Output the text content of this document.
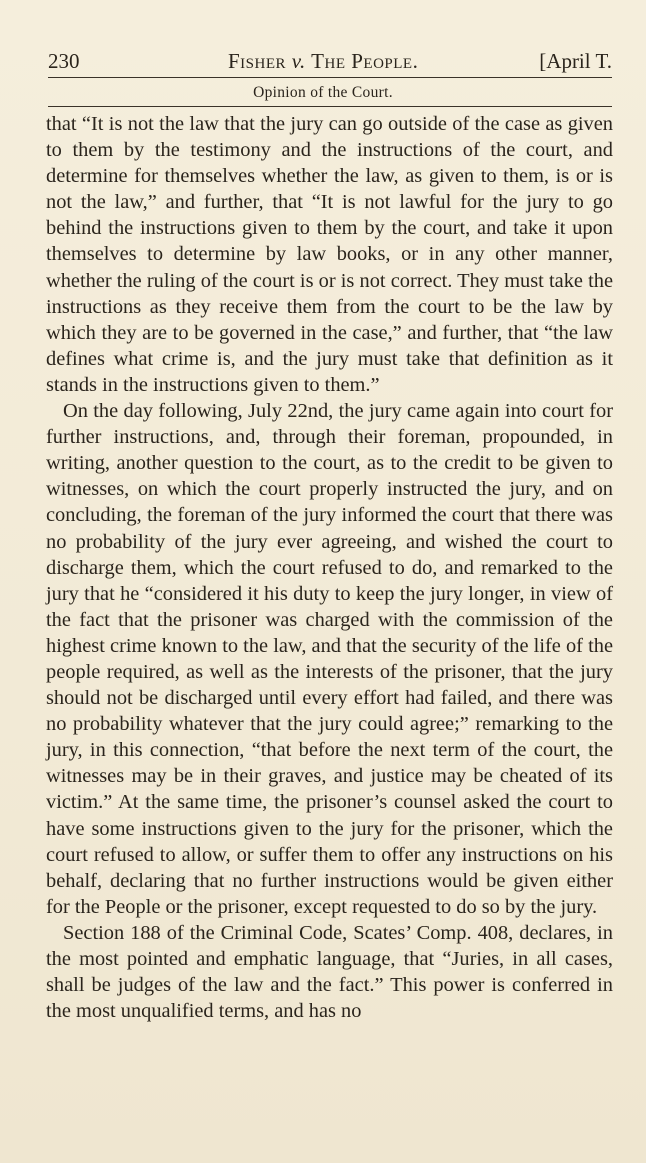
230	Fisher v. The People.	[April T.
Opinion of the Court.

that “It is not the law that the jury can go outside of the case as given to them by the testimony and the instructions of the court, and determine for themselves whether the law, as given to them, is or is not the law,” and further, that “It is not lawful for the jury to go behind the instructions given to them by the court, and take it upon themselves to determine by law books, or in any other manner, whether the ruling of the court is or is not correct. They must take the instructions as they receive them from the court to be the law by which they are to be governed in the case,” and further, that “the law defines what crime is, and the jury must take that definition as it stands in the instructions given to them.”

On the day following, July 22nd, the jury came again into court for further instructions, and, through their foreman, propounded, in writing, another question to the court, as to the credit to be given to witnesses, on which the court properly instructed the jury, and on concluding, the foreman of the jury informed the court that there was no probability of the jury ever agreeing, and wished the court to discharge them, which the court refused to do, and remarked to the jury that he “considered it his duty to keep the jury longer, in view of the fact that the prisoner was charged with the commission of the highest crime known to the law, and that the security of the life of the people required, as well as the interests of the prisoner, that the jury should not be discharged until every effort had failed, and there was no probability whatever that the jury could agree;” remarking to the jury, in this connection, “that before the next term of the court, the witnesses may be in their graves, and justice may be cheated of its victim.” At the same time, the prisoner’s counsel asked the court to have some instructions given to the jury for the prisoner, which the court refused to allow, or suffer them to offer any instructions on his behalf, declaring that no further instructions would be given either for the People or the prisoner, except requested to do so by the jury.

Section 188 of the Criminal Code, Scates’ Comp. 408, declares, in the most pointed and emphatic language, that “Juries, in all cases, shall be judges of the law and the fact.” This power is conferred in the most unqualified terms, and has no
